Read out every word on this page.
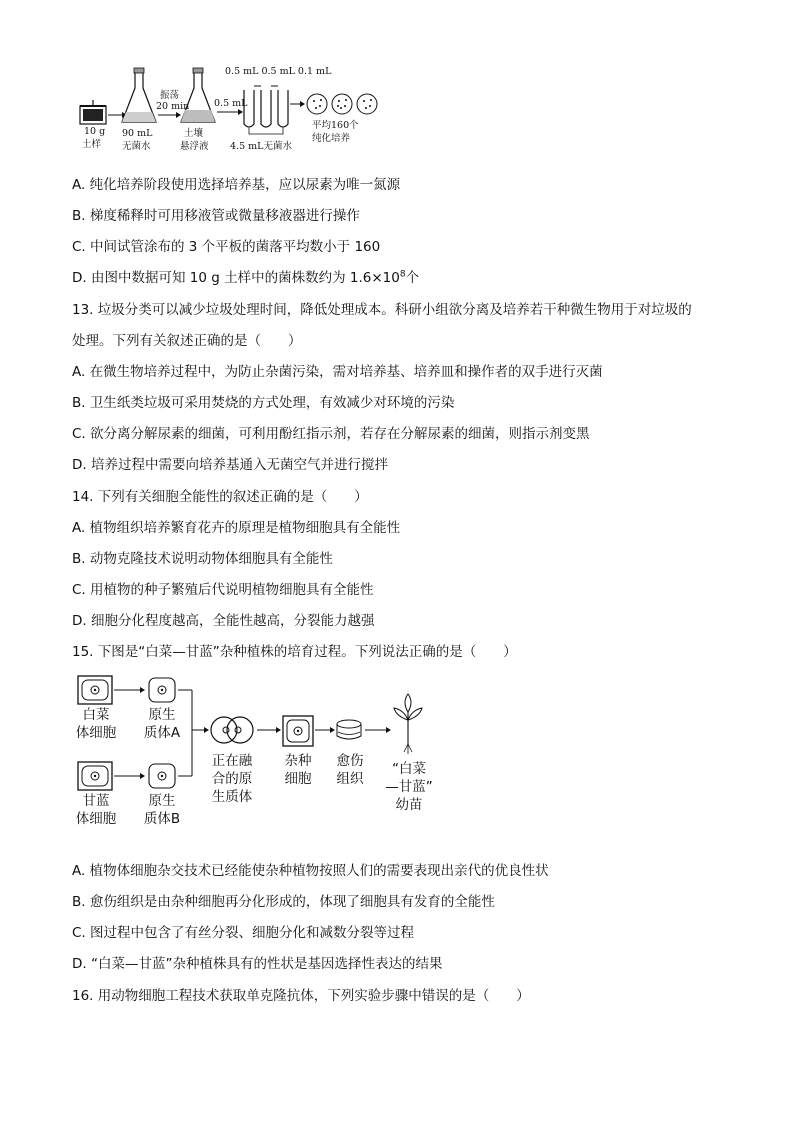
10 g
土样
90 mL
无菌水
振荡
20 min
土壤
悬浮液
0.5 mL
0.5 mL 0.5 mL 0.1 mL
4.5 mL无菌水
平均160个
纯化培养
A. 纯化培养阶段使用选择培养基，应以尿素为唯一氮源
B. 梯度稀释时可用移液管或微量移液器进行操作
C. 中间试管涂布的 3 个平板的菌落平均数小于 160
D. 由图中数据可知 10 g 土样中的菌株数约为 $1.6\times 10^8$个
13. 垃圾分类可以减少垃圾处理时间，降低处理成本。科研小组欲分离及培养若干种微生物用于对垃圾的
处理。下列有关叙述正确的是（　　）
A. 在微生物培养过程中，为防止杂菌污染，需对培养基、培养皿和操作者的双手进行灭菌
B. 卫生纸类垃圾可采用焚烧的方式处理，有效减少对环境的污染
C. 欲分离分解尿素的细菌，可利用酚红指示剂，若存在分解尿素的细菌，则指示剂变黑
D. 培养过程中需要向培养基通入无菌空气并进行搅拌
14. 下列有关细胞全能性的叙述正确的是（　　）
A. 植物组织培养繁育花卉的原理是植物细胞具有全能性
B. 动物克隆技术说明动物体细胞具有全能性
C. 用植物的种子繁殖后代说明植物细胞具有全能性
D. 细胞分化程度越高，全能性越高，分裂能力越强
15. 下图是“白菜—甘蓝”杂种植株的培育过程。下列说法正确的是（　　）
白菜
体细胞
原生
质体A
甘蓝
体细胞
原生
质体B
正在融
合的原
生质体
杂种
细胞
愈伤
组织
“白菜
—甘蓝”
幼苗
A. 植物体细胞杂交技术已经能使杂种植物按照人们的需要表现出亲代的优良性状
B. 愈伤组织是由杂种细胞再分化形成的，体现了细胞具有发育的全能性
C. 图过程中包含了有丝分裂、细胞分化和减数分裂等过程
D. “白菜—甘蓝”杂种植株具有的性状是基因选择性表达的结果
16. 用动物细胞工程技术获取单克隆抗体，下列实验步骤中错误的是（　　）
